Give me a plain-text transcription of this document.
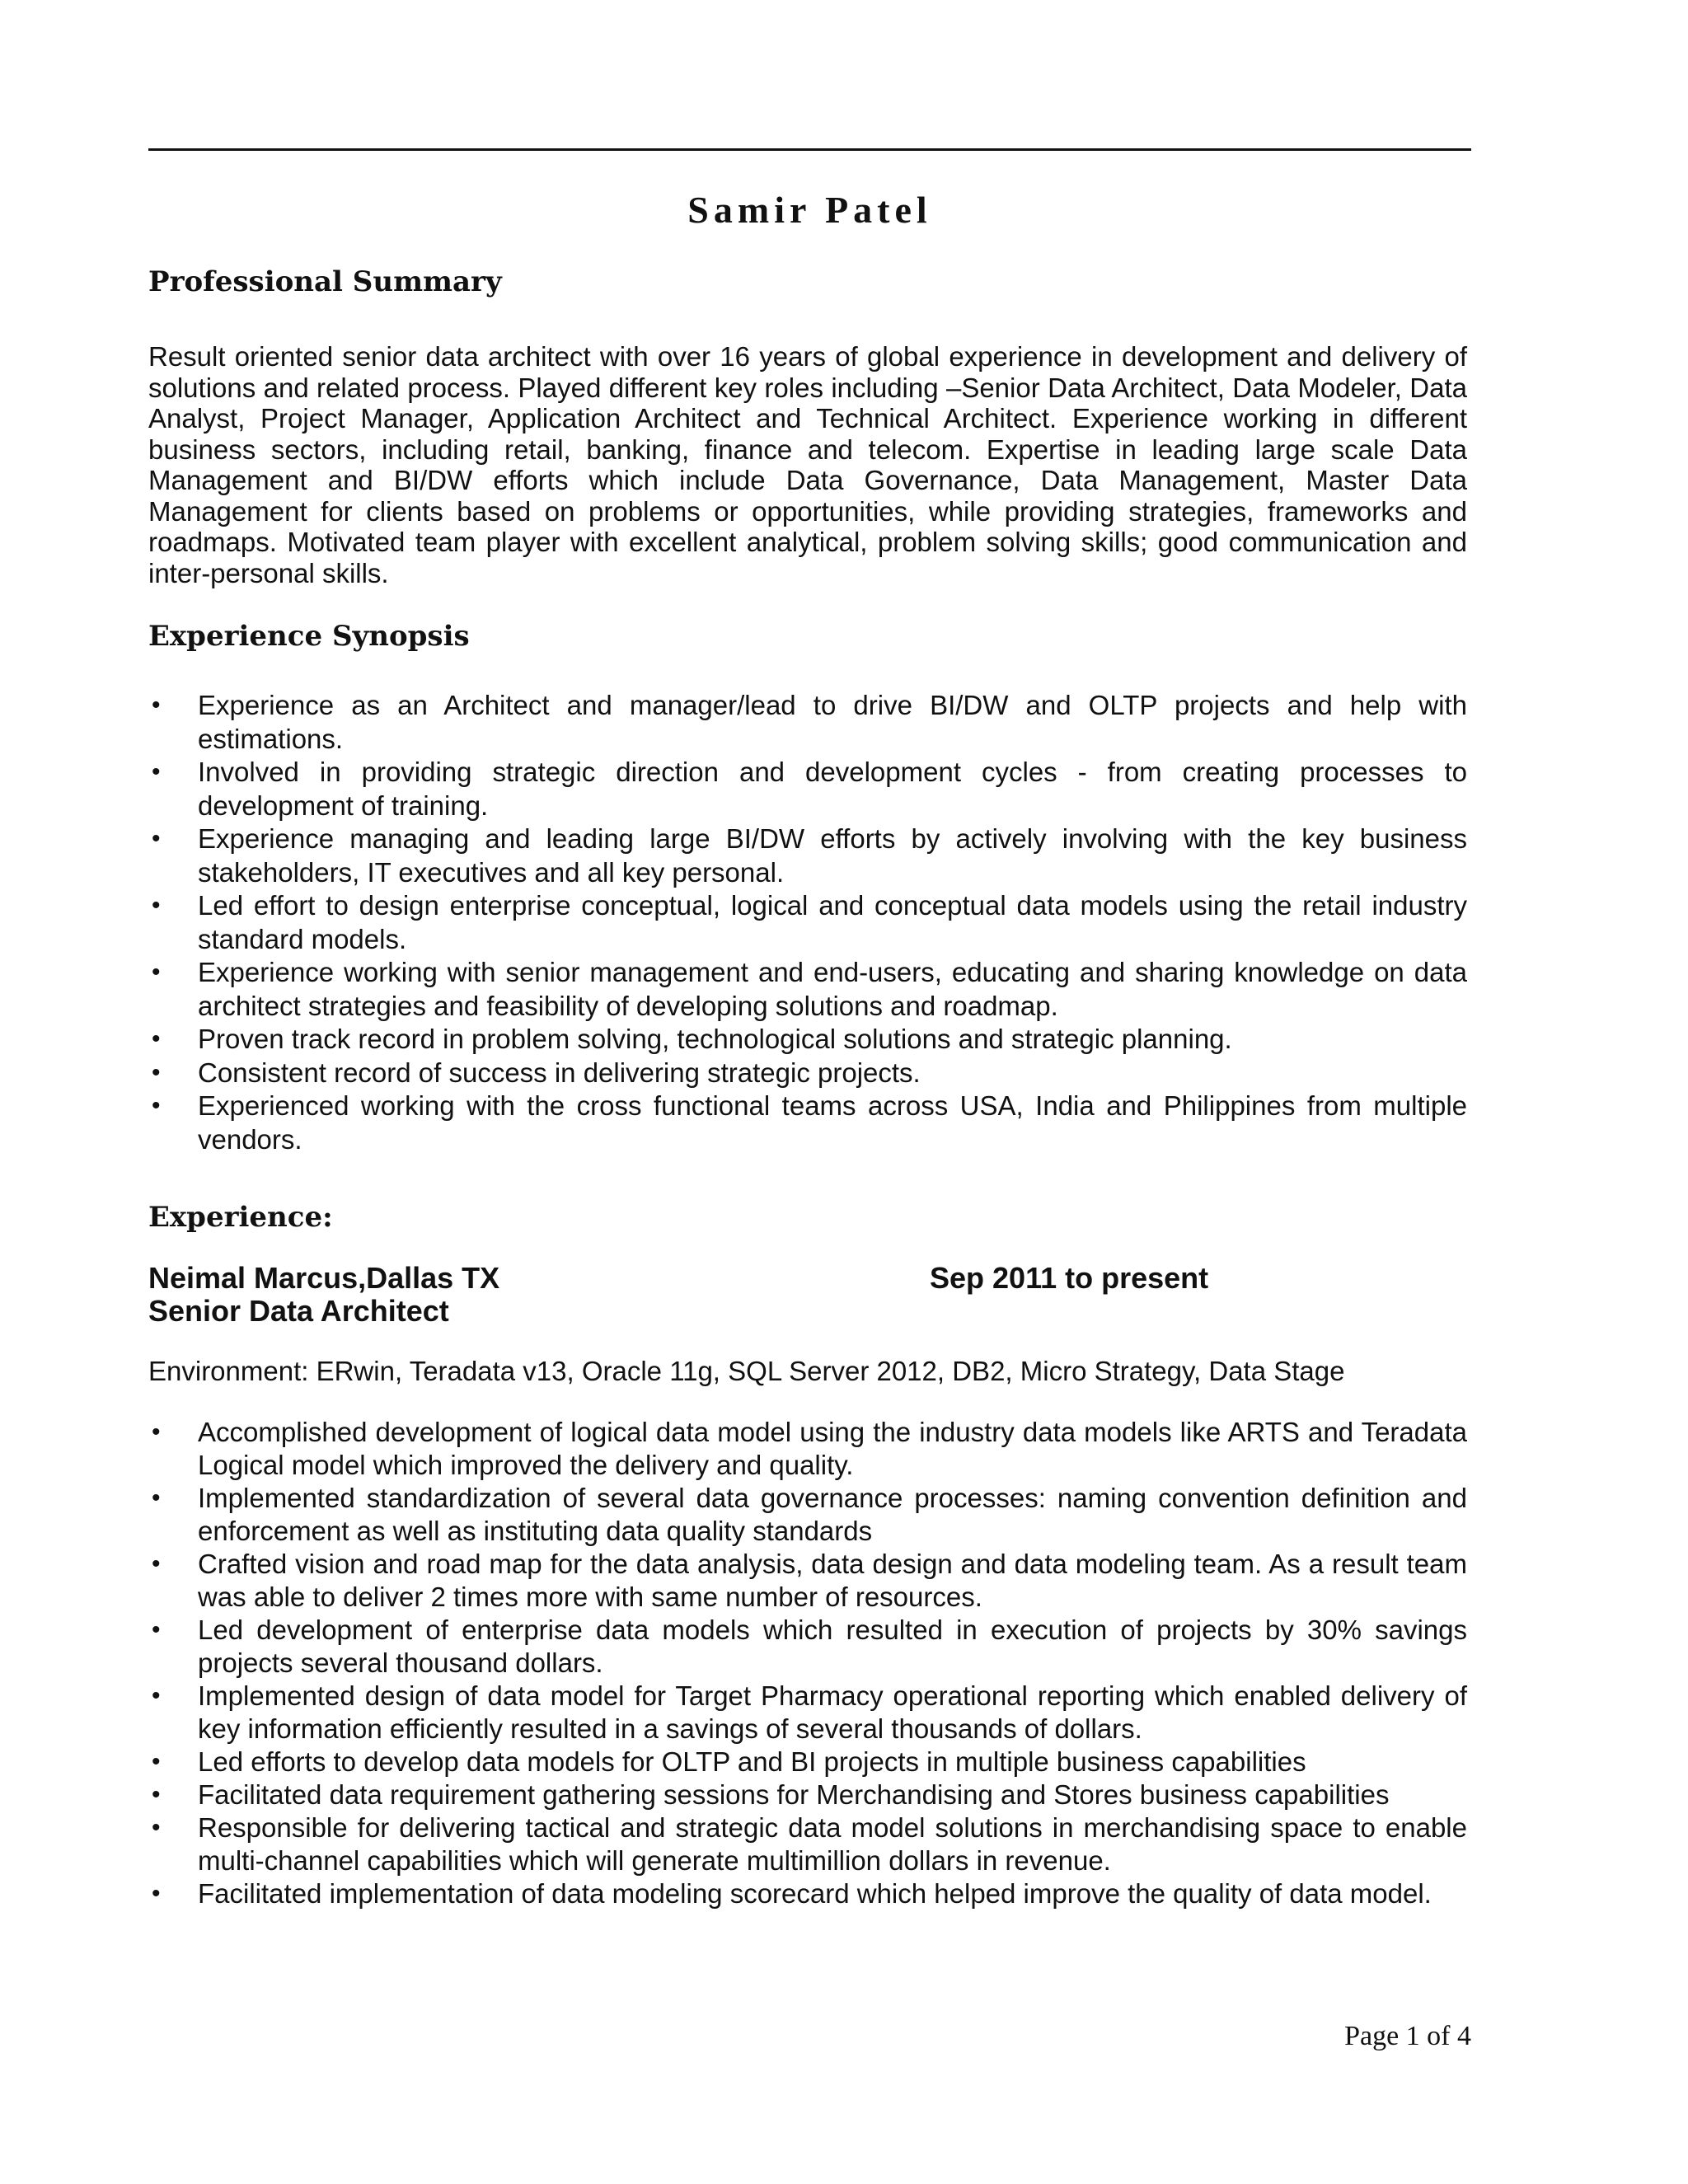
Samir Patel
Professional Summary
Result oriented senior data architect with over 16 years of global experience in development and delivery of solutions and related process. Played different key roles including –Senior Data Architect, Data Modeler, Data Analyst, Project Manager, Application Architect and Technical Architect. Experience working in different business sectors, including retail, banking, finance and telecom. Expertise in leading large scale Data Management and BI/DW efforts which include Data Governance, Data Management, Master Data Management for clients based on problems or opportunities, while providing strategies, frameworks and roadmaps. Motivated team player with excellent analytical, problem solving skills; good communication and inter-personal skills.
Experience Synopsis
• Experience as an Architect and manager/lead to drive BI/DW and OLTP projects and help with estimations.
• Involved in providing strategic direction and development cycles - from creating processes to development of training.
• Experience managing and leading large BI/DW efforts by actively involving with the key business stakeholders, IT executives and all key personal.
• Led effort to design enterprise conceptual, logical and conceptual data models using the retail industry standard models.
• Experience working with senior management and end-users, educating and sharing knowledge on data architect strategies and feasibility of developing solutions and roadmap.
• Proven track record in problem solving, technological solutions and strategic planning.
• Consistent record of success in delivering strategic projects.
• Experienced working with the cross functional teams across USA, India and Philippines from multiple vendors.
Experience:
Neimal Marcus,Dallas TX	Sep 2011 to present
Senior Data Architect
Environment: ERwin, Teradata v13, Oracle 11g, SQL Server 2012, DB2, Micro Strategy, Data Stage
• Accomplished development of logical data model using the industry data models like ARTS and Teradata Logical model which improved the delivery and quality.
• Implemented standardization of several data governance processes: naming convention definition and enforcement as well as instituting data quality standards
• Crafted vision and road map for the data analysis, data design and data modeling team. As a result team was able to deliver 2 times more with same number of resources.
• Led development of enterprise data models which resulted in execution of projects by 30% savings projects several thousand dollars.
• Implemented design of data model for Target Pharmacy operational reporting which enabled delivery of key information efficiently resulted in a savings of several thousands of dollars.
• Led efforts to develop data models for OLTP and BI projects in multiple business capabilities
• Facilitated data requirement gathering sessions for Merchandising and Stores business capabilities
• Responsible for delivering tactical and strategic data model solutions in merchandising space to enable multi-channel capabilities which will generate multimillion dollars in revenue.
• Facilitated implementation of data modeling scorecard which helped improve the quality of data model.
Page 1 of 4
